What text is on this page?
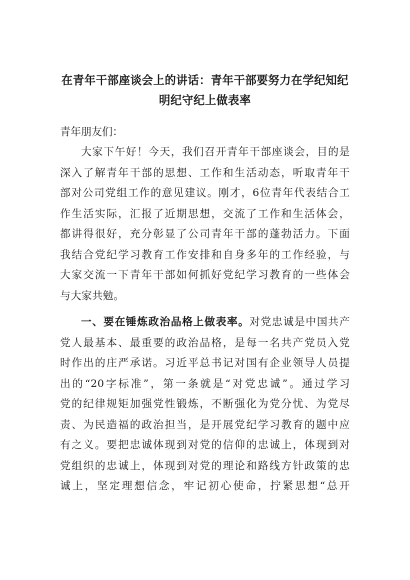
在青年干部座谈会上的讲话：青年干部要努力在学纪知纪
明纪守纪上做表率

青年朋友们：

大家下午好！今天，我们召开青年干部座谈会，目的是
深入了解青年干部的思想、工作和生活动态，听取青年干
部对公司党组工作的意见建议。刚才，6位青年代表结合工
作生活实际，汇报了近期思想，交流了工作和生活体会，
都讲得很好，充分彰显了公司青年干部的蓬勃活力。下面
我结合党纪学习教育工作安排和自身多年的工作经验，与
大家交流一下青年干部如何抓好党纪学习教育的一些体会
与大家共勉。
一、要在锤炼政治品格上做表率。对党忠诚是中国共产
党人最基本、最重要的政治品格，是每一名共产党员入党
时作出的庄严承诺。习近平总书记对国有企业领导人员提
出的“20字标准”，第一条就是“对党忠诚”。通过学习
党的纪律规矩加强党性锻炼，不断强化为党分忧、为党尽
责、为民造福的政治担当，是开展党纪学习教育的题中应
有之义。要把忠诚体现到对党的信仰的忠诚上，体现到对
党组织的忠诚上，体现到对党的理论和路线方针政策的忠
诚上，坚定理想信念，牢记初心使命，拧紧思想“总开
